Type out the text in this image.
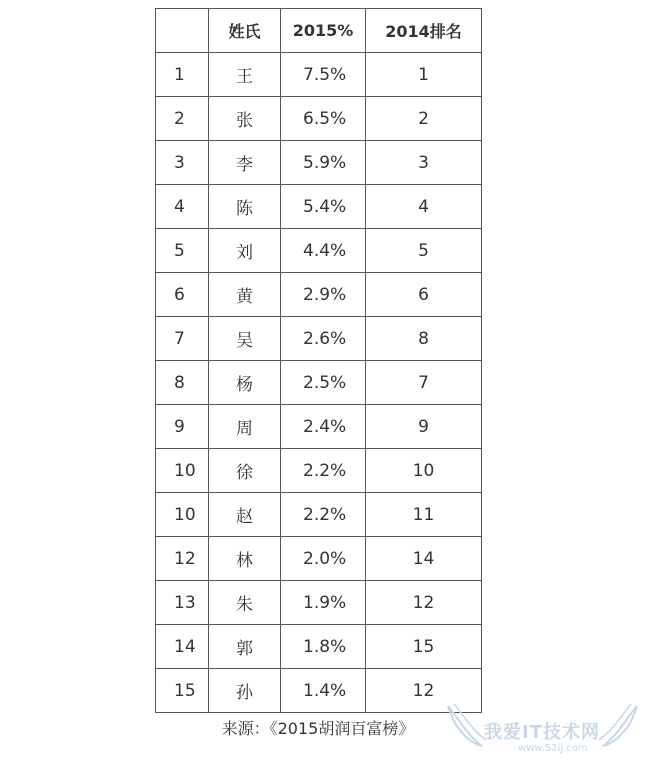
	姓氏	2015%	2014排名
1	王	7.5%	1
2	张	6.5%	2
3	李	5.9%	3
4	陈	5.4%	4
5	刘	4.4%	5
6	黄	2.9%	6
7	吴	2.6%	8
8	杨	2.5%	7
9	周	2.4%	9
10	徐	2.2%	10
10	赵	2.2%	11
12	林	2.0%	14
13	朱	1.9%	12
14	郭	1.8%	15
15	孙	1.4%	12
来源：《2015胡润百富榜》	我爱IT技术网
www.52ij.com
